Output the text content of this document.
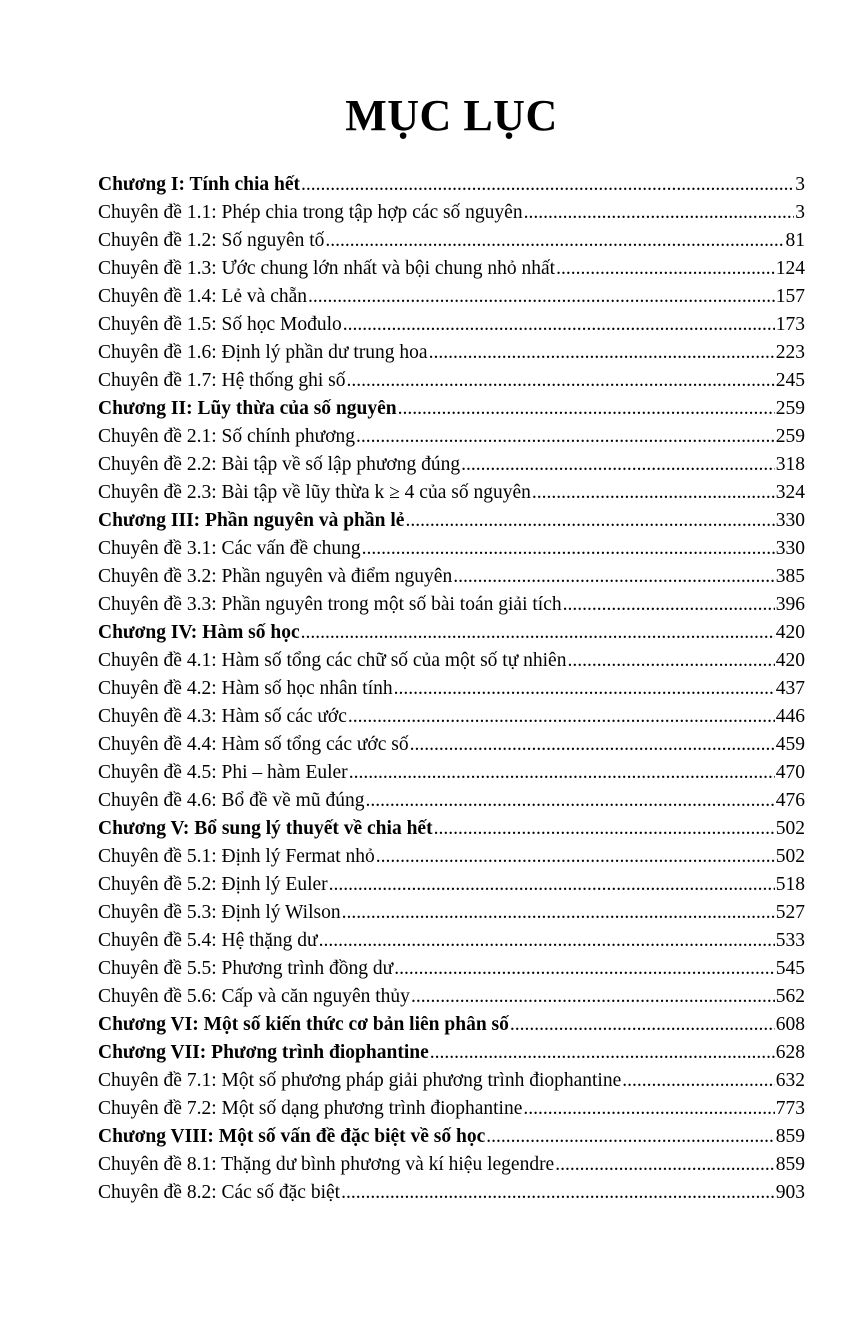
MỤC LỤC
Chương I: Tính chia hết .....	3
Chuyên đề 1.1: Phép chia trong tập hợp các số nguyên .....	3
Chuyên đề 1.2: Số nguyên tố .....	81
Chuyên đề 1.3: Ước chung lớn nhất và bội chung nhỏ nhất .....	124
Chuyên đề 1.4: Lẻ và chẵn .....	157
Chuyên đề 1.5: Số học Mođulo .....	173
Chuyên đề 1.6: Định lý phần dư trung hoa .....	223
Chuyên đề 1.7: Hệ thống ghi số .....	245
Chương II: Lũy thừa của số nguyên .....	259
Chuyên đề 2.1: Số chính phương .....	259
Chuyên đề 2.2: Bài tập về số lập phương đúng .....	318
Chuyên đề 2.3: Bài tập về lũy thừa k ≥ 4 của số nguyên .....	324
Chương III: Phần nguyên và phần lẻ .....	330
Chuyên đề 3.1: Các vấn đề chung .....	330
Chuyên đề 3.2: Phần nguyên và điểm nguyên .....	385
Chuyên đề 3.3: Phần nguyên trong một số bài toán giải tích .....	396
Chương IV: Hàm số học .....	420
Chuyên đề 4.1: Hàm số tổng các chữ số của một số tự nhiên .....	420
Chuyên đề 4.2: Hàm số học nhân tính .....	437
Chuyên đề 4.3: Hàm số các ước .....	446
Chuyên đề 4.4: Hàm số tổng các ước số .....	459
Chuyên đề 4.5: Phi – hàm Euler .....	470
Chuyên đề 4.6: Bổ đề về mũ đúng .....	476
Chương V: Bổ sung lý thuyết về chia hết .....	502
Chuyên đề 5.1: Định lý Fermat nhỏ .....	502
Chuyên đề 5.2: Định lý Euler .....	518
Chuyên đề 5.3: Định lý Wilson .....	527
Chuyên đề 5.4: Hệ thặng dư .....	533
Chuyên đề 5.5: Phương trình đồng dư .....	545
Chuyên đề 5.6: Cấp và căn nguyên thủy .....	562
Chương VI: Một số kiến thức cơ bản liên phân số .....	608
Chương VII: Phương trình điophantine .....	628
Chuyên đề 7.1: Một số phương pháp giải phương trình điophantine .....	632
Chuyên đề 7.2: Một số dạng phương trình điophantine .....	773
Chương VIII: Một số vấn đề đặc biệt về số học .....	859
Chuyên đề 8.1: Thặng dư bình phương và kí hiệu legendre .....	859
Chuyên đề 8.2: Các số đặc biệt .....	903
